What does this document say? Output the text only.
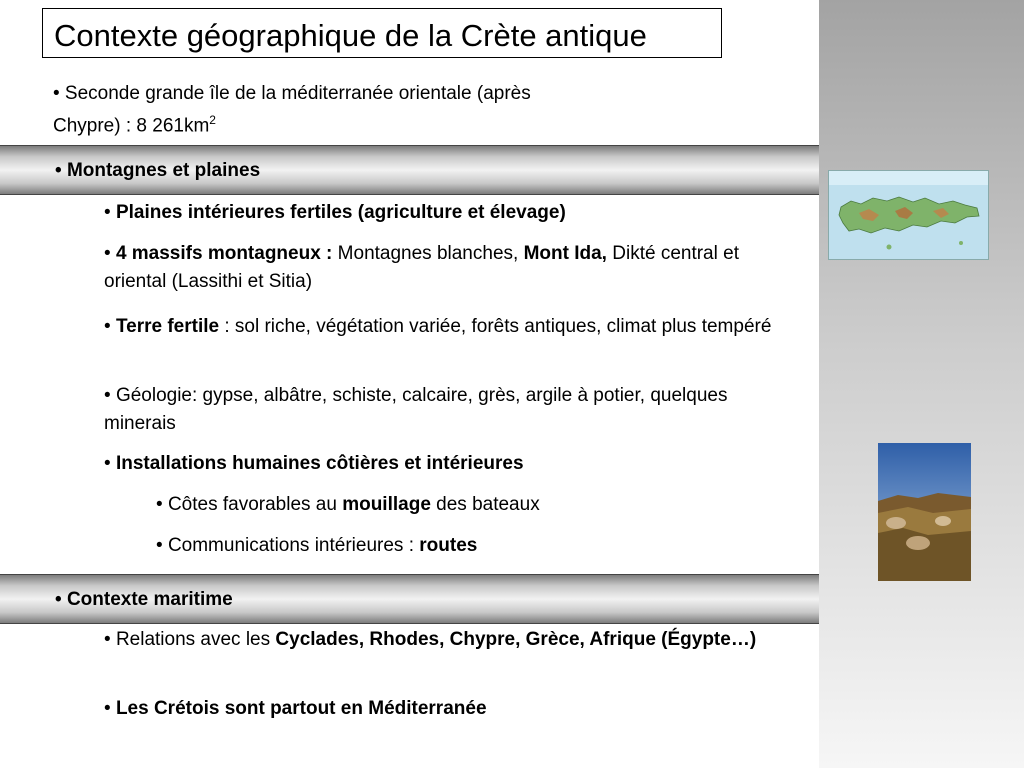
Contexte géographique de la Crète antique
• Seconde grande île de la méditerranée orientale (après
Chypre) : 8 $261km^2$
• Montagnes et plaines
• Plaines intérieures fertiles (agriculture et élevage)
• 4 massifs montagneux : Montagnes blanches, Mont Ida, Dikté central et oriental (Lassithi et Sitia)
• Terre fertile : sol riche, végétation variée, forêts antiques, climat plus tempéré
• Géologie: gypse, albâtre, schiste, calcaire, grès, argile à potier, quelques minerais
• Installations humaines côtières et intérieures
• Côtes favorables au mouillage des bateaux
• Communications intérieures : routes
• Contexte maritime
• Relations avec les Cyclades, Rhodes, Chypre, Grèce, Afrique (Égypte…)
• Les Crétois sont partout en Méditerranée
